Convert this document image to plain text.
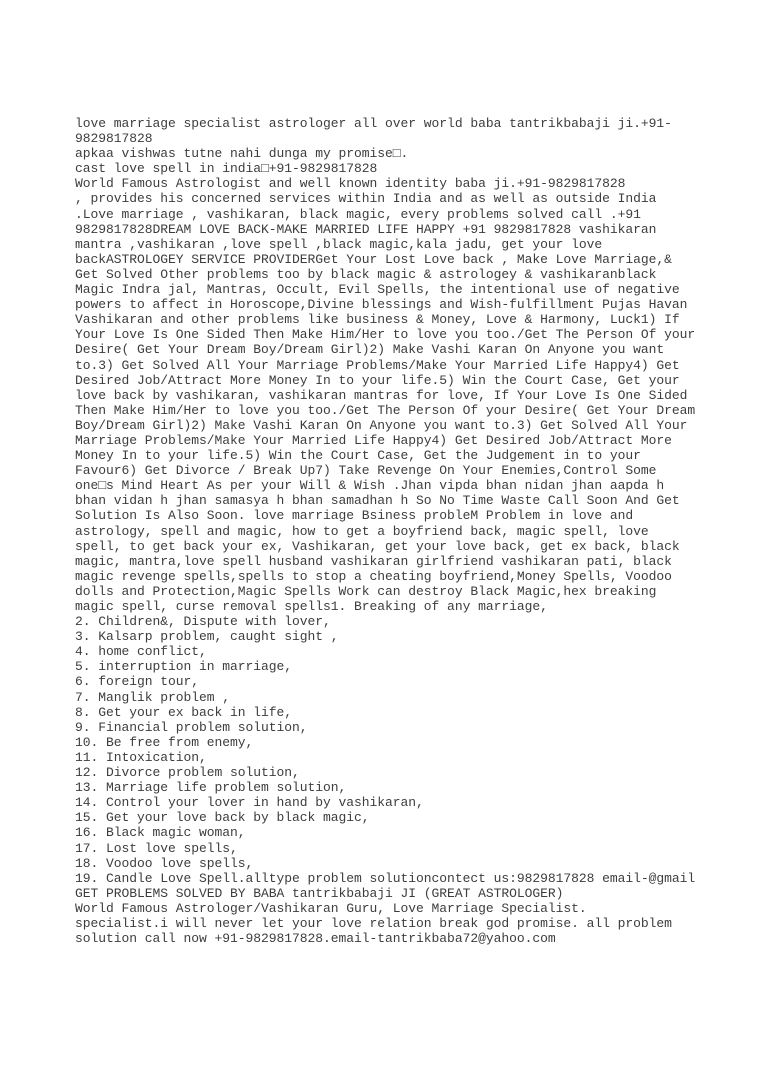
love marriage specialist astrologer all over world baba tantrikbabaji ji.+91-
9829817828
apkaa vishwas tutne nahi dunga my promise□.
cast love spell in india□+91-9829817828
World Famous Astrologist and well known identity baba ji.+91-9829817828
, provides his concerned services within India and as well as outside India
.Love marriage , vashikaran, black magic, every problems solved call .+91
9829817828DREAM LOVE BACK-MAKE MARRIED LIFE HAPPY +91 9829817828 vashikaran
mantra ,vashikaran ,love spell ,black magic,kala jadu, get your love
backASTROLOGEY SERVICE PROVIDERGet Your Lost Love back , Make Love Marriage,&
Get Solved Other problems too by black magic & astrologey & vashikaranblack
Magic Indra jal, Mantras, Occult, Evil Spells, the intentional use of negative
powers to affect in Horoscope,Divine blessings and Wish-fulfillment Pujas Havan
Vashikaran and other problems like business & Money, Love & Harmony, Luck1) If
Your Love Is One Sided Then Make Him/Her to love you too./Get The Person Of your
Desire( Get Your Dream Boy/Dream Girl)2) Make Vashi Karan On Anyone you want
to.3) Get Solved All Your Marriage Problems/Make Your Married Life Happy4) Get
Desired Job/Attract More Money In to your life.5) Win the Court Case, Get your
love back by vashikaran, vashikaran mantras for love, If Your Love Is One Sided
Then Make Him/Her to love you too./Get The Person Of your Desire( Get Your Dream
Boy/Dream Girl)2) Make Vashi Karan On Anyone you want to.3) Get Solved All Your
Marriage Problems/Make Your Married Life Happy4) Get Desired Job/Attract More
Money In to your life.5) Win the Court Case, Get the Judgement in to your
Favour6) Get Divorce / Break Up7) Take Revenge On Your Enemies,Control Some
one□s Mind Heart As per your Will & Wish .Jhan vipda bhan nidan jhan aapda h
bhan vidan h jhan samasya h bhan samadhan h So No Time Waste Call Soon And Get
Solution Is Also Soon. love marriage Bsiness probleM Problem in love and
astrology, spell and magic, how to get a boyfriend back, magic spell, love
spell, to get back your ex, Vashikaran, get your love back, get ex back, black
magic, mantra,love spell husband vashikaran girlfriend vashikaran pati, black
magic revenge spells,spells to stop a cheating boyfriend,Money Spells, Voodoo
dolls and Protection,Magic Spells Work can destroy Black Magic,hex breaking
magic spell, curse removal spells1. Breaking of any marriage,
2. Children&, Dispute with lover,
3. Kalsarp problem, caught sight ,
4. home conflict,
5. interruption in marriage,
6. foreign tour,
7. Manglik problem ,
8. Get your ex back in life,
9. Financial problem solution,
10. Be free from enemy,
11. Intoxication,
12. Divorce problem solution,
13. Marriage life problem solution,
14. Control your lover in hand by vashikaran,
15. Get your love back by black magic,
16. Black magic woman,
17. Lost love spells,
18. Voodoo love spells,
19. Candle Love Spell.alltype problem solutioncontect us:9829817828 email-@gmail
GET PROBLEMS SOLVED BY BABA tantrikbabaji JI (GREAT ASTROLOGER)
World Famous Astrologer/Vashikaran Guru, Love Marriage Specialist.
specialist.i will never let your love relation break god promise. all problem
solution call now +91-9829817828.email-tantrikbaba72@yahoo.com
